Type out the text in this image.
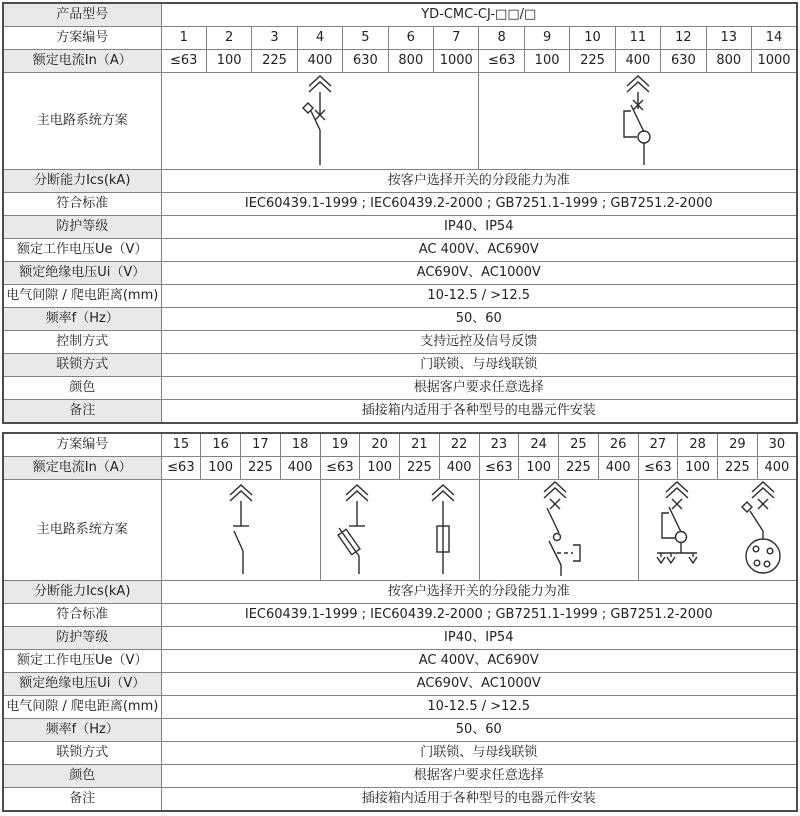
产品型号	YD-CMC-CJ-□□/□													
方案编号	1	2	3	4	5	6	7	8	9	10	11	12	13	14
额定电流In（A）	≤63	100	225	400	630	800	1000	≤63	100	225	400	630	800	1000
主电路系统方案	

分断能力Ics(kA)	按客户选择开关的分段能力为准													
符合标准	IEC60439.1-1999 ; IEC60439.2-2000 ; GB7251.1-1999 ; GB7251.2-2000													
防护等级	IP40、IP54													
额定工作电压Ue（V）	AC 400V、AC690V													
额定绝缘电压Ui（V）	AC690V、AC1000V													
电气间隙 / 爬电距离(mm)	10-12.5 / >12.5													
频率f（Hz）	50、60													
控制方式	支持远控及信号反馈													
联锁方式	门联锁、与母线联锁													
颜色	根据客户要求任意选择													
备注	插接箱内适用于各种型号的电器元件安装													
方案编号	15	16	17	18	19	20	21	22	23	24	25	26	27	28	29	30
额定电流In（A）	≤63	100	225	400	≤63	100	225	400	≤63	100	225	400	≤63	100	225	400
主电路系统方案	

分断能力Ics(kA)	按客户选择开关的分段能力为准															
符合标准	IEC60439.1-1999 ; IEC60439.2-2000 ; GB7251.1-1999 ; GB7251.2-2000															
防护等级	IP40、IP54															
额定工作电压Ue（V）	AC 400V、AC690V															
额定绝缘电压Ui（V）	AC690V、AC1000V															
电气间隙 / 爬电距离(mm)	10-12.5 / >12.5															
频率f（Hz）	50、60															
联锁方式	门联锁、与母线联锁															
颜色	根据客户要求任意选择															
备注	插接箱内适用于各种型号的电器元件安装															
